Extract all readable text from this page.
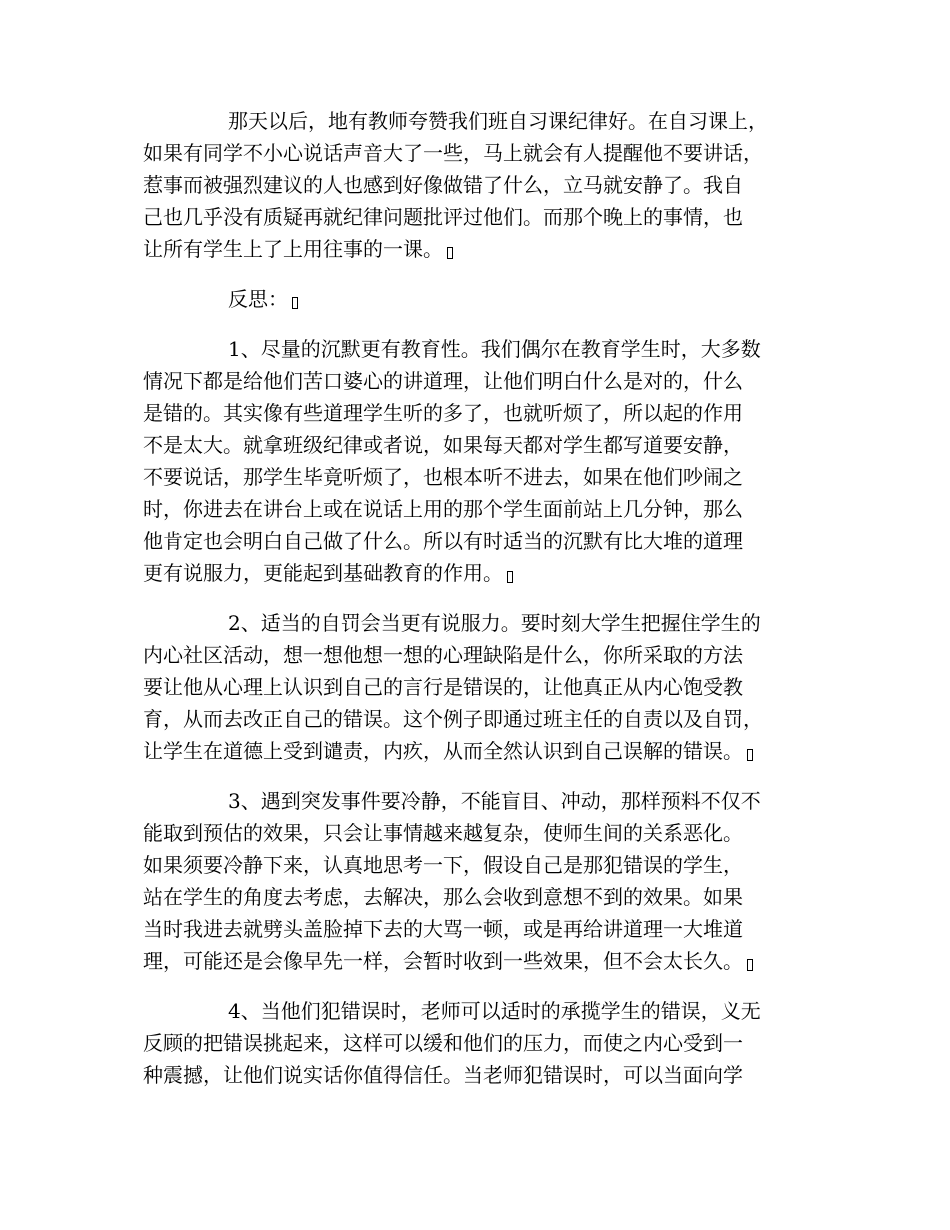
那天以后，地有教师夸赞我们班自习课纪律好。在自习课上，
如果有同学不小心说话声音大了一些，马上就会有人提醒他不要讲话，
惹事而被强烈建议的人也感到好像做错了什么，立马就安静了。我自
己也几乎没有质疑再就纪律问题批评过他们。而那个晚上的事情，也
让所有学生上了上用往事的一课。
反思：
1、尽量的沉默更有教育性。我们偶尔在教育学生时，大多数
情况下都是给他们苦口婆心的讲道理，让他们明白什么是对的，什么
是错的。其实像有些道理学生听的多了，也就听烦了，所以起的作用
不是太大。就拿班级纪律或者说，如果每天都对学生都写道要安静，
不要说话，那学生毕竟听烦了，也根本听不进去，如果在他们吵闹之
时，你进去在讲台上或在说话上用的那个学生面前站上几分钟，那么
他肯定也会明白自己做了什么。所以有时适当的沉默有比大堆的道理
更有说服力，更能起到基础教育的作用。
2、适当的自罚会当更有说服力。要时刻大学生把握住学生的
内心社区活动，想一想他想一想的心理缺陷是什么，你所采取的方法
要让他从心理上认识到自己的言行是错误的，让他真正从内心饱受教
育，从而去改正自己的错误。这个例子即通过班主任的自责以及自罚，
让学生在道德上受到谴责，内疚，从而全然认识到自己误解的错误。
3、遇到突发事件要冷静，不能盲目、冲动，那样预料不仅不
能取到预估的效果，只会让事情越来越复杂，使师生间的关系恶化。
如果须要冷静下来，认真地思考一下，假设自己是那犯错误的学生，
站在学生的角度去考虑，去解决，那么会收到意想不到的效果。如果
当时我进去就劈头盖脸掉下去的大骂一顿，或是再给讲道理一大堆道
理，可能还是会像早先一样，会暂时收到一些效果，但不会太长久。
4、当他们犯错误时，老师可以适时的承揽学生的错误，义无
反顾的把错误挑起来，这样可以缓和他们的压力，而使之内心受到一
种震撼，让他们说实话你值得信任。当老师犯错误时，可以当面向学
